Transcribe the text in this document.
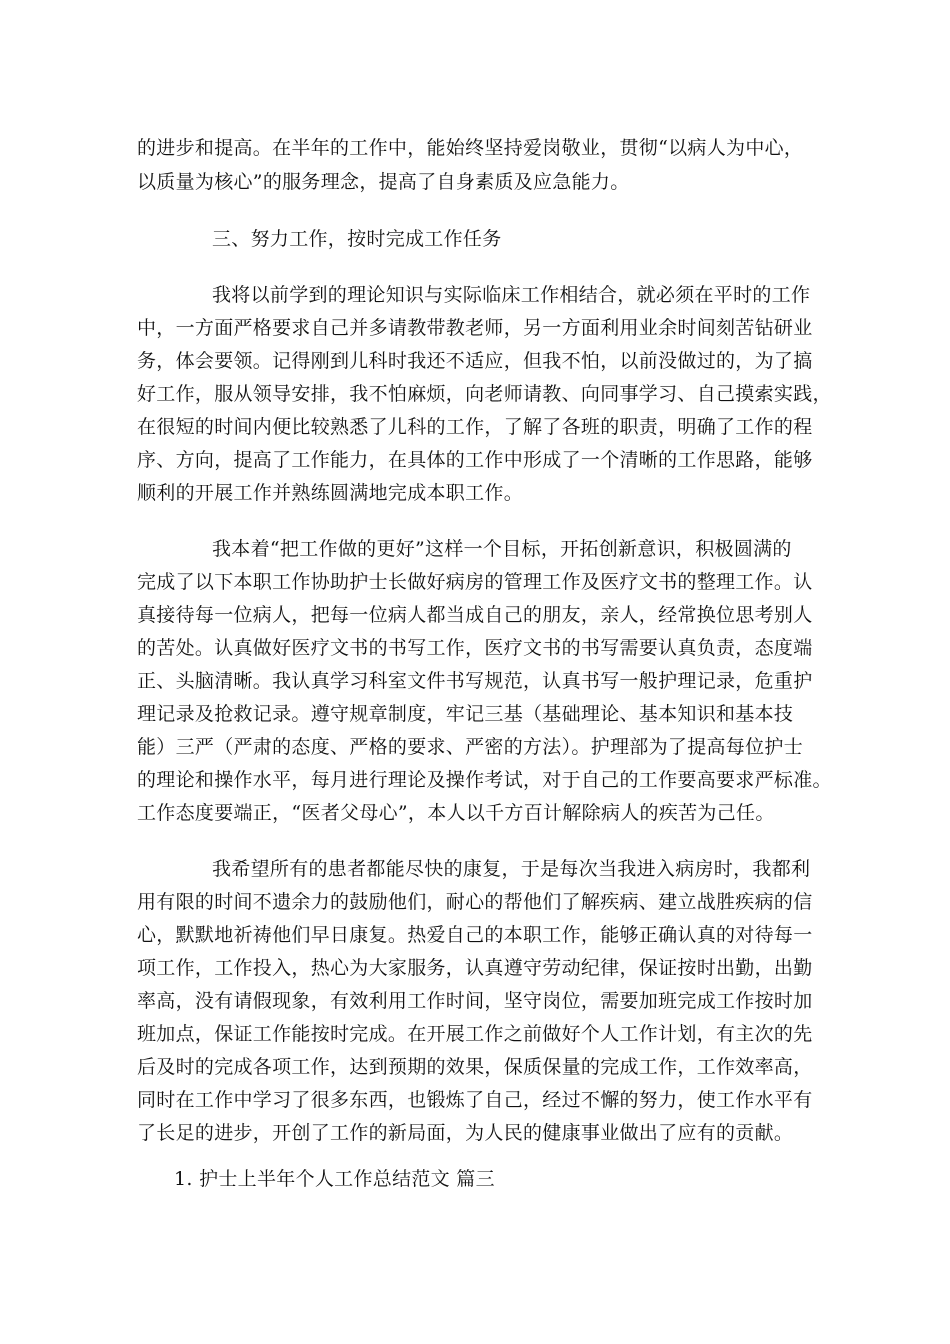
的进步和提高。在半年的工作中，能始终坚持爱岗敬业，贯彻“以病人为中心，
以质量为核心”的服务理念，提高了自身素质及应急能力。
三、努力工作，按时完成工作任务
我将以前学到的理论知识与实际临床工作相结合，就必须在平时的工作
中，一方面严格要求自己并多请教带教老师，另一方面利用业余时间刻苦钻研业
务，体会要领。记得刚到儿科时我还不适应，但我不怕，以前没做过的，为了搞
好工作，服从领导安排，我不怕麻烦，向老师请教、向同事学习、自己摸索实践，
在很短的时间内便比较熟悉了儿科的工作，了解了各班的职责，明确了工作的程
序、方向，提高了工作能力，在具体的工作中形成了一个清晰的工作思路，能够
顺利的开展工作并熟练圆满地完成本职工作。
我本着“把工作做的更好”这样一个目标，开拓创新意识，积极圆满的
完成了以下本职工作协助护士长做好病房的管理工作及医疗文书的整理工作。认
真接待每一位病人，把每一位病人都当成自己的朋友，亲人，经常换位思考别人
的苦处。认真做好医疗文书的书写工作，医疗文书的书写需要认真负责，态度端
正、头脑清晰。我认真学习科室文件书写规范，认真书写一般护理记录，危重护
理记录及抢救记录。遵守规章制度，牢记三基（基础理论、基本知识和基本技
能）三严（严肃的态度、严格的要求、严密的方法）。护理部为了提高每位护士
的理论和操作水平，每月进行理论及操作考试，对于自己的工作要高要求严标准。
工作态度要端正，“医者父母心”，本人以千方百计解除病人的疾苦为己任。
我希望所有的患者都能尽快的康复，于是每次当我进入病房时，我都利
用有限的时间不遗余力的鼓励他们，耐心的帮他们了解疾病、建立战胜疾病的信
心，默默地祈祷他们早日康复。热爱自己的本职工作，能够正确认真的对待每一
项工作，工作投入，热心为大家服务，认真遵守劳动纪律，保证按时出勤，出勤
率高，没有请假现象，有效利用工作时间，坚守岗位，需要加班完成工作按时加
班加点，保证工作能按时完成。在开展工作之前做好个人工作计划，有主次的先
后及时的完成各项工作，达到预期的效果，保质保量的完成工作，工作效率高，
同时在工作中学习了很多东西，也锻炼了自己，经过不懈的努力，使工作水平有
了长足的进步，开创了工作的新局面，为人民的健康事业做出了应有的贡献。
1. 护士上半年个人工作总结范文 篇三
